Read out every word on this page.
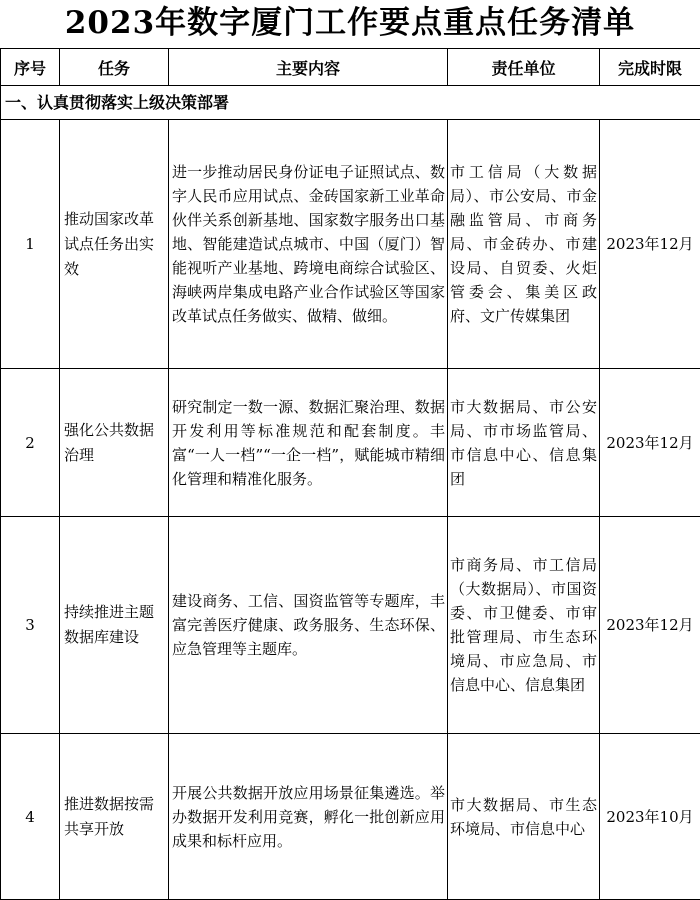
2023年数字厦门工作要点重点任务清单
序号	任务	主要内容	责任单位	完成时限
一、认真贯彻落实上级决策部署				
1	推动国家改革试点任务出实效	进一步推动居民身份证电子证照试点、数字人民币应用试点、金砖国家新工业革命伙伴关系创新基地、国家数字服务出口基地、智能建造试点城市、中国（厦门）智能视听产业基地、跨境电商综合试验区、海峡两岸集成电路产业合作试验区等国家改革试点任务做实、做精、做细。	市工信局（大数据局）、市公安局、市金融监管局、市商务局、市金砖办、市建设局、自贸委、火炬管委会、集美区政府、文广传媒集团	2023年12月
2	强化公共数据治理	研究制定一数一源、数据汇聚治理、数据开发利用等标准规范和配套制度。丰富“一人一档”“一企一档”，赋能城市精细化管理和精准化服务。	市大数据局、市公安局、市市场监管局、市信息中心、信息集团	2023年12月
3	持续推进主题数据库建设	建设商务、工信、国资监管等专题库，丰富完善医疗健康、政务服务、生态环保、应急管理等主题库。	市商务局、市工信局（大数据局）、市国资委、市卫健委、市审批管理局、市生态环境局、市应急局、市信息中心、信息集团	2023年12月
4	推进数据按需共享开放	开展公共数据开放应用场景征集遴选。举办数据开发利用竞赛，孵化一批创新应用成果和标杆应用。	市大数据局、市生态环境局、市信息中心	2023年10月
